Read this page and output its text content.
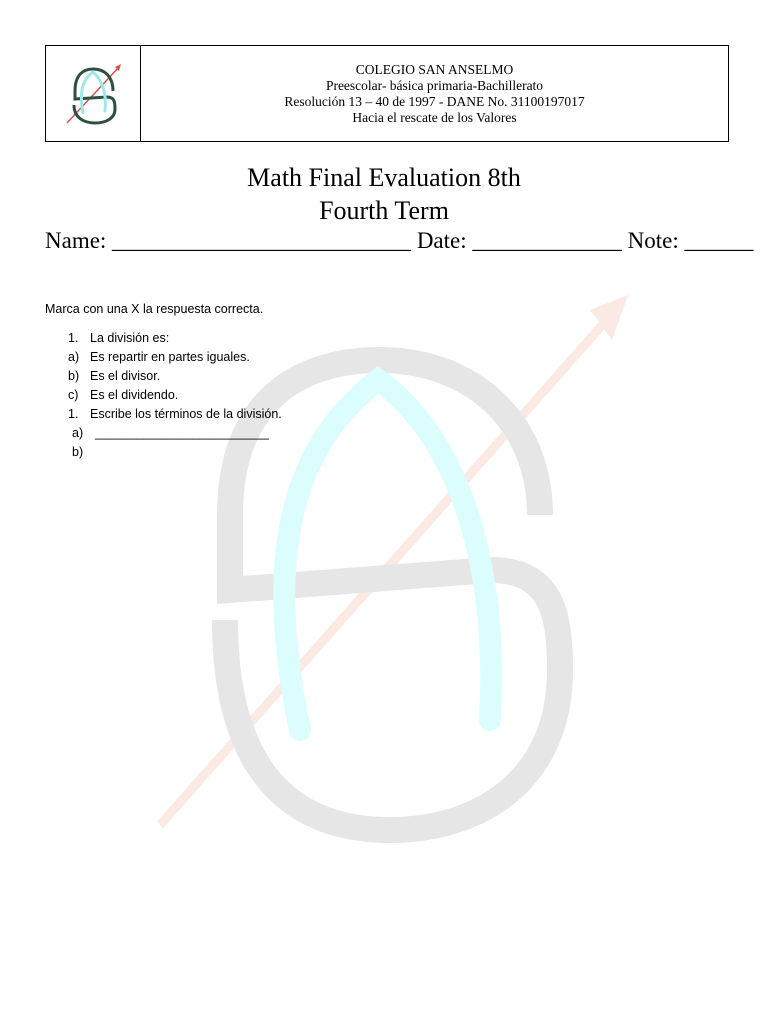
COLEGIO SAN ANSELMO
Preescolar- básica primaria-Bachillerato
Resolución 13 – 40 de 1997 - DANE No. 31100197017
Hacia el rescate de los Valores
Math Final Evaluation 8th
Fourth Term
Name: __________________________ Date: _____________ Note: ______
Marca con una X la respuesta correcta.
1. La división es:
a) Es repartir en partes iguales.
b) Es el divisor.
c) Es el dividendo.
1. Escribe los términos de la división.
a) _________________________
b)
